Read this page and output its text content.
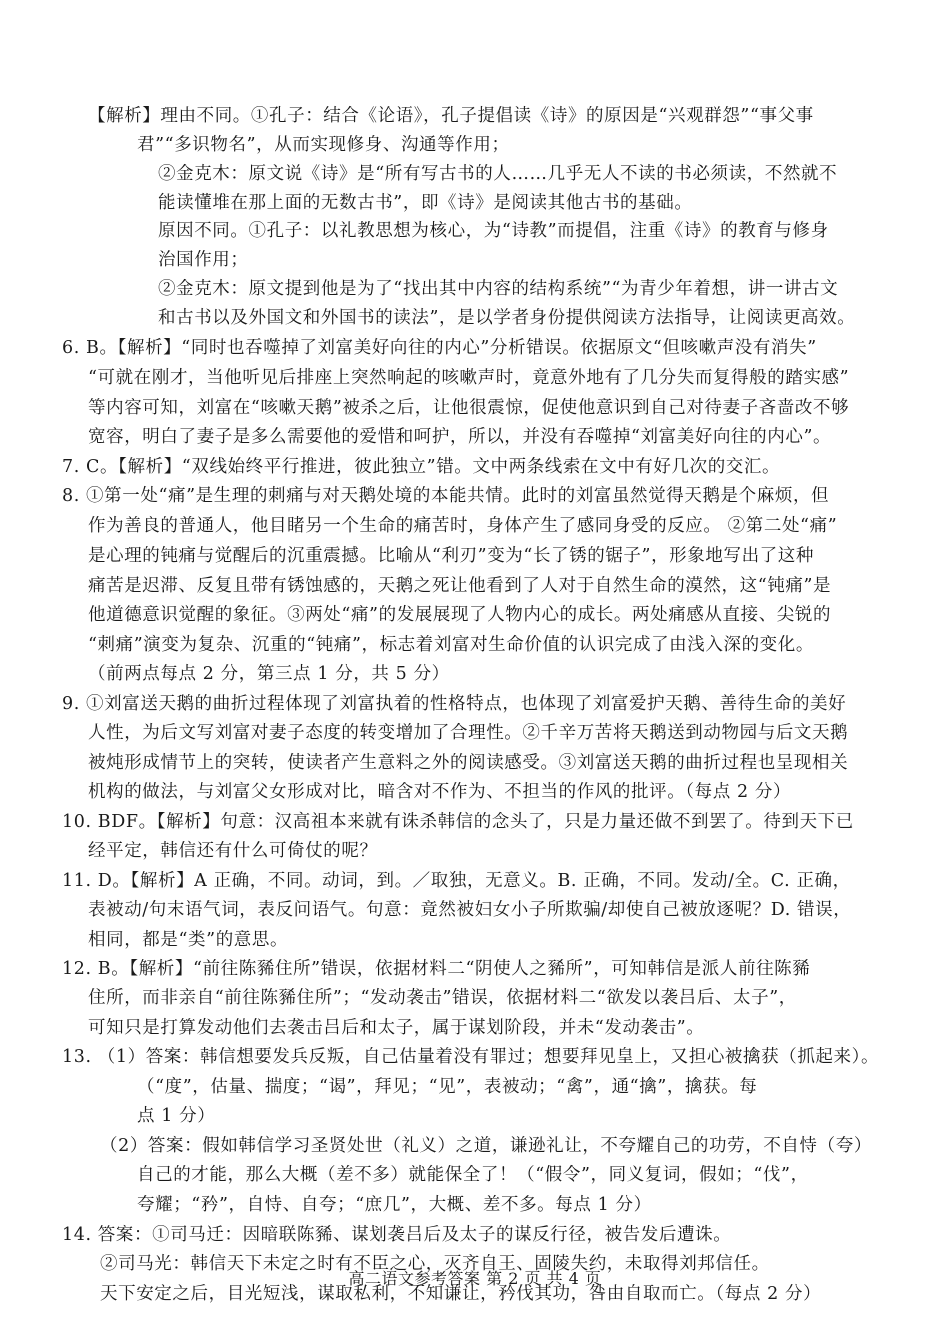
【解析】理由不同。①孔子：结合《论语》，孔子提倡读《诗》的原因是“兴观群怨”“事父事
君”“多识物名”，从而实现修身、沟通等作用；
②金克木：原文说《诗》是“所有写古书的人……几乎无人不读的书必须读，不然就不
能读懂堆在那上面的无数古书”，即《诗》是阅读其他古书的基础。
原因不同。①孔子：以礼教思想为核心，为“诗教”而提倡，注重《诗》的教育与修身
治国作用；
②金克木：原文提到他是为了“找出其中内容的结构系统”“为青少年着想，讲一讲古文
和古书以及外国文和外国书的读法”，是以学者身份提供阅读方法指导，让阅读更高效。
6. B。【解析】“同时也吞噬掉了刘富美好向往的内心”分析错误。依据原文“但咳嗽声没有消失”
“可就在刚才，当他听见后排座上突然响起的咳嗽声时，竟意外地有了几分失而复得般的踏实感”
等内容可知，刘富在“咳嗽天鹅”被杀之后，让他很震惊，促使他意识到自己对待妻子吝啬改不够
宽容，明白了妻子是多么需要他的爱惜和呵护，所以，并没有吞噬掉“刘富美好向往的内心”。
7. C。【解析】“双线始终平行推进，彼此独立”错。文中两条线索在文中有好几次的交汇。
8. ①第一处“痛”是生理的刺痛与对天鹅处境的本能共情。此时的刘富虽然觉得天鹅是个麻烦，但
作为善良的普通人，他目睹另一个生命的痛苦时，身体产生了感同身受的反应。 ②第二处“痛”
是心理的钝痛与觉醒后的沉重震撼。比喻从“利刃”变为“长了锈的锯子”，形象地写出了这种
痛苦是迟滞、反复且带有锈蚀感的，天鹅之死让他看到了人对于自然生命的漠然，这“钝痛”是
他道德意识觉醒的象征。③两处“痛”的发展展现了人物内心的成长。两处痛感从直接、尖锐的
“刺痛”演变为复杂、沉重的“钝痛”，标志着刘富对生命价值的认识完成了由浅入深的变化。
（前两点每点 2 分，第三点 1 分，共 5 分）
9. ①刘富送天鹅的曲折过程体现了刘富执着的性格特点，也体现了刘富爱护天鹅、善待生命的美好
人性，为后文写刘富对妻子态度的转变增加了合理性。②千辛万苦将天鹅送到动物园与后文天鹅
被炖形成情节上的突转，使读者产生意料之外的阅读感受。③刘富送天鹅的曲折过程也呈现相关
机构的做法，与刘富父女形成对比，暗含对不作为、不担当的作风的批评。（每点 2 分）
10. BDF。【解析】句意：汉高祖本来就有诛杀韩信的念头了，只是力量还做不到罢了。待到天下已
经平定，韩信还有什么可倚仗的呢？
11. D。【解析】A 正确，不同。动词，到。／取独，无意义。B. 正确，不同。发动/全。C. 正确，
表被动/句末语气词，表反问语气。句意：竟然被妇女小子所欺骗/却使自己被放逐呢？D. 错误，
相同，都是“类”的意思。
12. B。【解析】“前往陈豨住所”错误，依据材料二“阴使人之豨所”，可知韩信是派人前往陈豨
住所，而非亲自“前往陈豨住所”；“发动袭击”错误，依据材料二“欲发以袭吕后、太子”，
可知只是打算发动他们去袭击吕后和太子，属于谋划阶段，并未“发动袭击”。
13. （1）答案：韩信想要发兵反叛，自己估量着没有罪过；想要拜见皇上，又担心被擒获（抓起来）。
（“度”，估量、揣度；“谒”，拜见；“见”，表被动；“禽”，通“擒”，擒获。每
点 1 分）
（2）答案：假如韩信学习圣贤处世（礼义）之道，谦逊礼让，不夸耀自己的功劳，不自恃（夸）
自己的才能，那么大概（差不多）就能保全了！（“假令”，同义复词，假如；“伐”，
夸耀；“矜”，自恃、自夸；“庶几”，大概、差不多。每点 1 分）
14. 答案：①司马迁：因暗联陈豨、谋划袭吕后及太子的谋反行径，被告发后遭诛。
②司马光：韩信天下未定之时有不臣之心，灭齐自王、固陵失约，未取得刘邦信任。
天下安定之后，目光短浅，谋取私利，不知谦让，矜伐其功，咎由自取而亡。（每点 2 分）
高二语文参考答案 第 2 页 共 4 页
